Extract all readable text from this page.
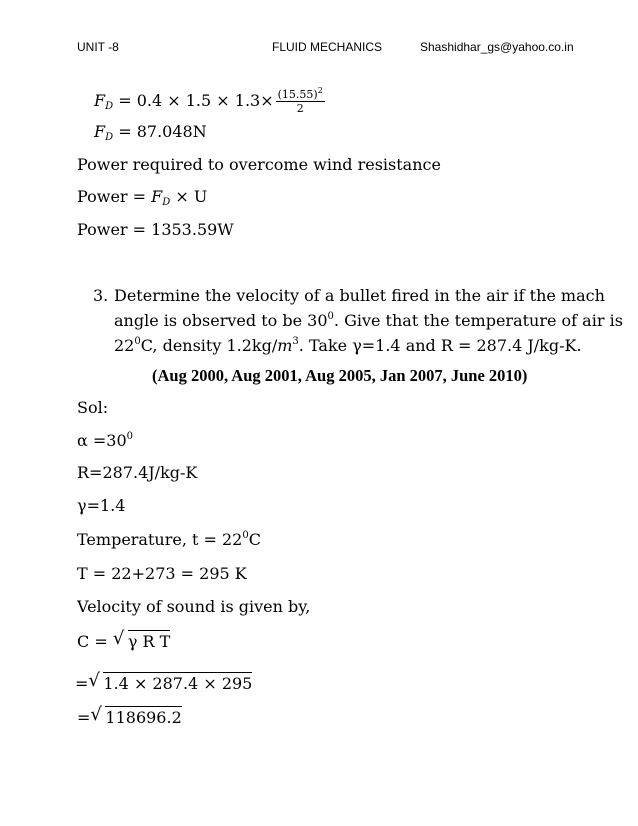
UNIT -8	FLUID MECHANICS	Shashidhar_gs@yahoo.co.in
$F_D = 0.4 \times 1.5 \times 1.3\times \frac{(15.55)^2}{2}$
$F_D = 87.048N$
Power required to overcome wind resistance
Power = $F_D \times U$
Power = 1353.59W
3. Determine the velocity of a bullet fired in the air if the mach
angle is observed to be $30^0$. Give that the temperature of air is
$22^0C$, density $1.2kg/m^3$. Take γ=1.4 and R = 287.4 J/kg-K.
(Aug 2000, Aug 2001, Aug 2005, Jan 2007, June 2010)
Sol:
$\alpha =30^0$
R=287.4J/kg-K
γ=1.4
Temperature, $t = 22^0C$
T = 22+273 = 295 K
Velocity of sound is given by,
C = √ γ R T
= √ 1.4 × 287.4 × 295
= √ 118696.2
